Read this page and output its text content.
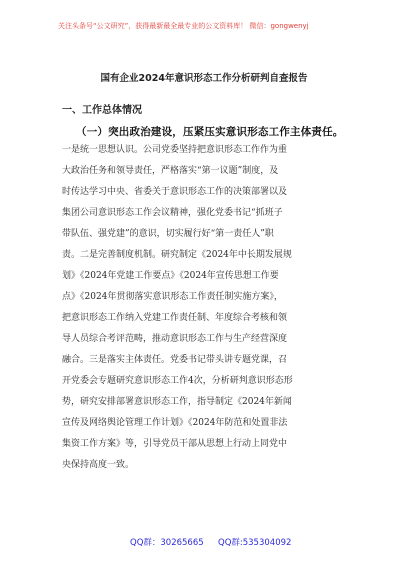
关注头条号“公文研究”，获得最新最全最专业的公文资料库！ 微信：gongwenyj
国有企业2024年意识形态工作分析研判自查报告
一、工作总体情况
（一）突出政治建设，压紧压实意识形态工作主体责任。
一是统一思想认识。公司党委坚持把意识形态工作作为重
大政治任务和领导责任，严格落实“第一议题”制度，及
时传达学习中央、省委关于意识形态工作的决策部署以及
集团公司意识形态工作会议精神，强化党委书记“抓班子
带队伍、强党建”的意识，切实履行好“第一责任人”职
责。二是完善制度机制。研究制定《2024年中长期发展规
划》《2024年党建工作要点》《2024年宣传思想工作要
点》《2024年贯彻落实意识形态工作责任制实施方案》，
把意识形态工作纳入党建工作责任制、年度综合考核和领
导人员综合考评范畴，推动意识形态工作与生产经营深度
融合。三是落实主体责任。党委书记带头讲专题党课，召
开党委会专题研究意识形态工作4次，分析研判意识形态形
势，研究安排部署意识形态工作，指导制定《2024年新闻
宣传及网络舆论管理工作计划》《2024年防范和处置非法
集资工作方案》等，引导党员干部从思想上行动上同党中
央保持高度一致。
QQ群：30265665 QQ群:535304092
